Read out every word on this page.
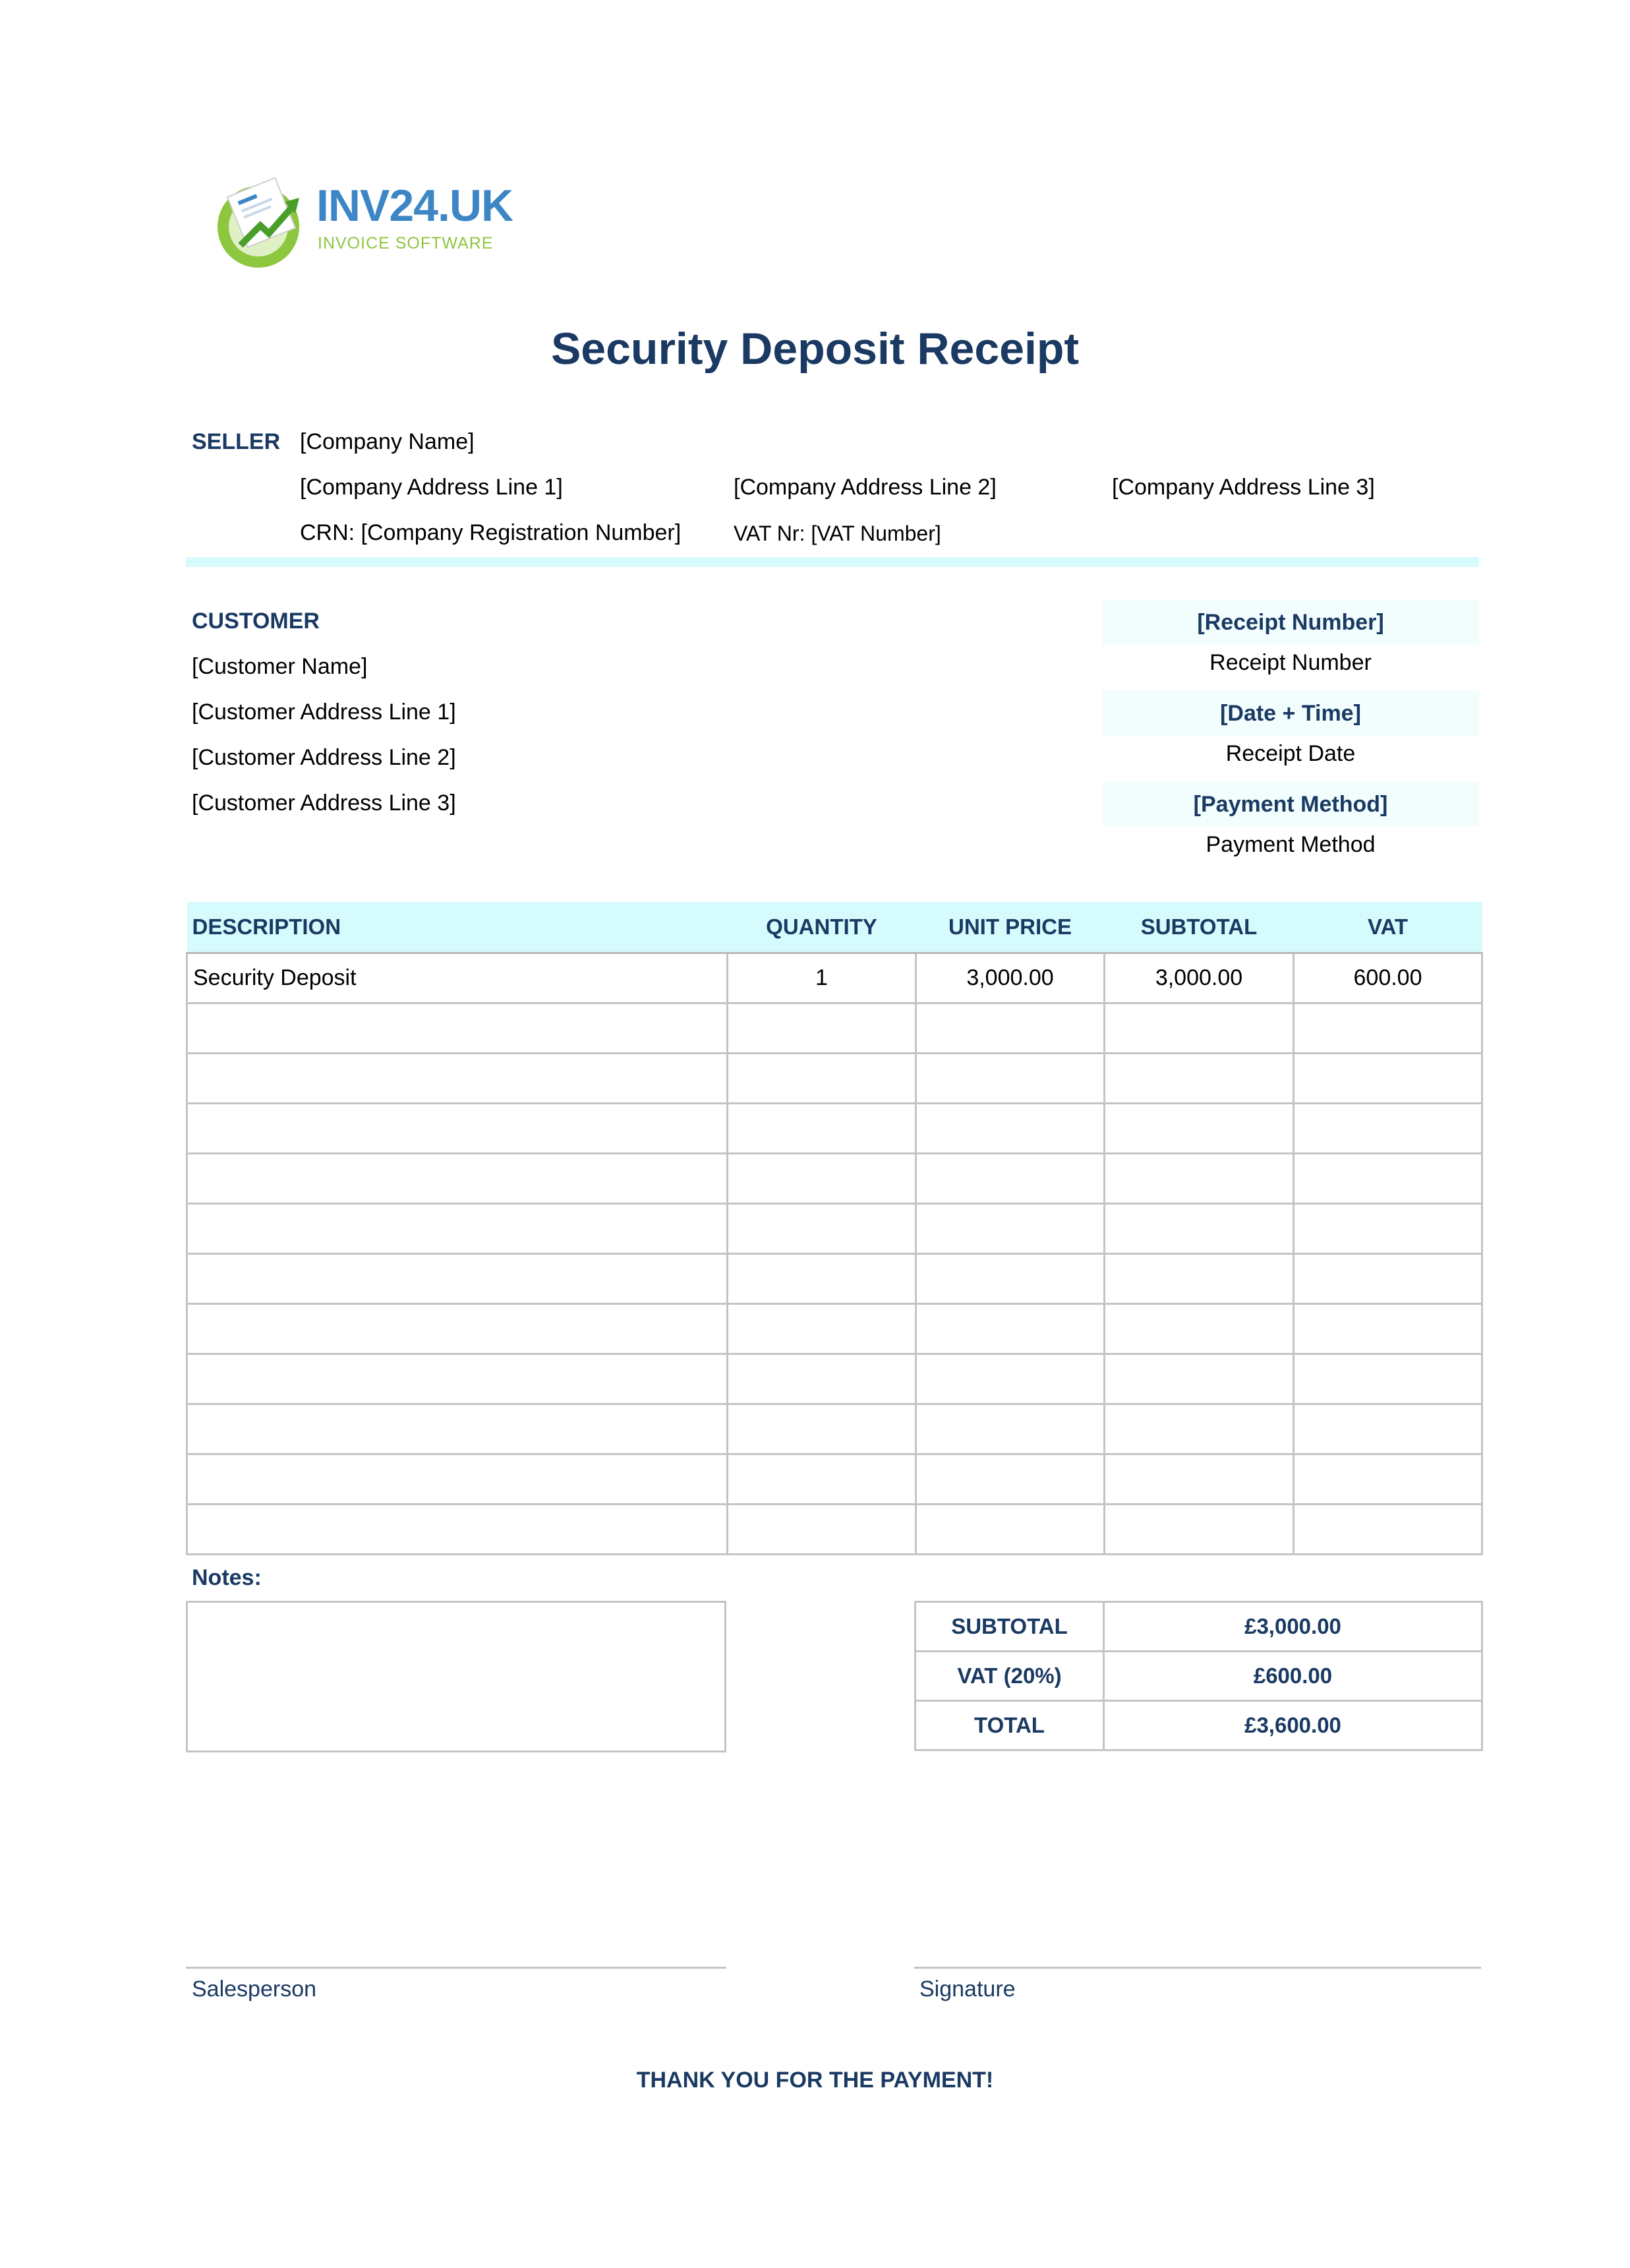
INV24.UK
INVOICE SOFTWARE
Security Deposit Receipt
SELLER [Company Name]
[Company Address Line 1]	[Company Address Line 2]	[Company Address Line 3]
CRN: [Company Registration Number] VAT Nr: [VAT Number]
CUSTOMER
[Customer Name]
[Customer Address Line 1]
[Customer Address Line 2]
[Customer Address Line 3]
[Receipt Number]
Receipt Number
[Date + Time]
Receipt Date
[Payment Method]
Payment Method
DESCRIPTION	QUANTITY	UNIT PRICE	SUBTOTAL	VAT
Security Deposit	1	3,000.00	3,000.00	600.00

Notes:
SUBTOTAL	£3,000.00
VAT (20%)	£600.00
TOTAL	£3,600.00
Salesperson	Signature
THANK YOU FOR THE PAYMENT!
